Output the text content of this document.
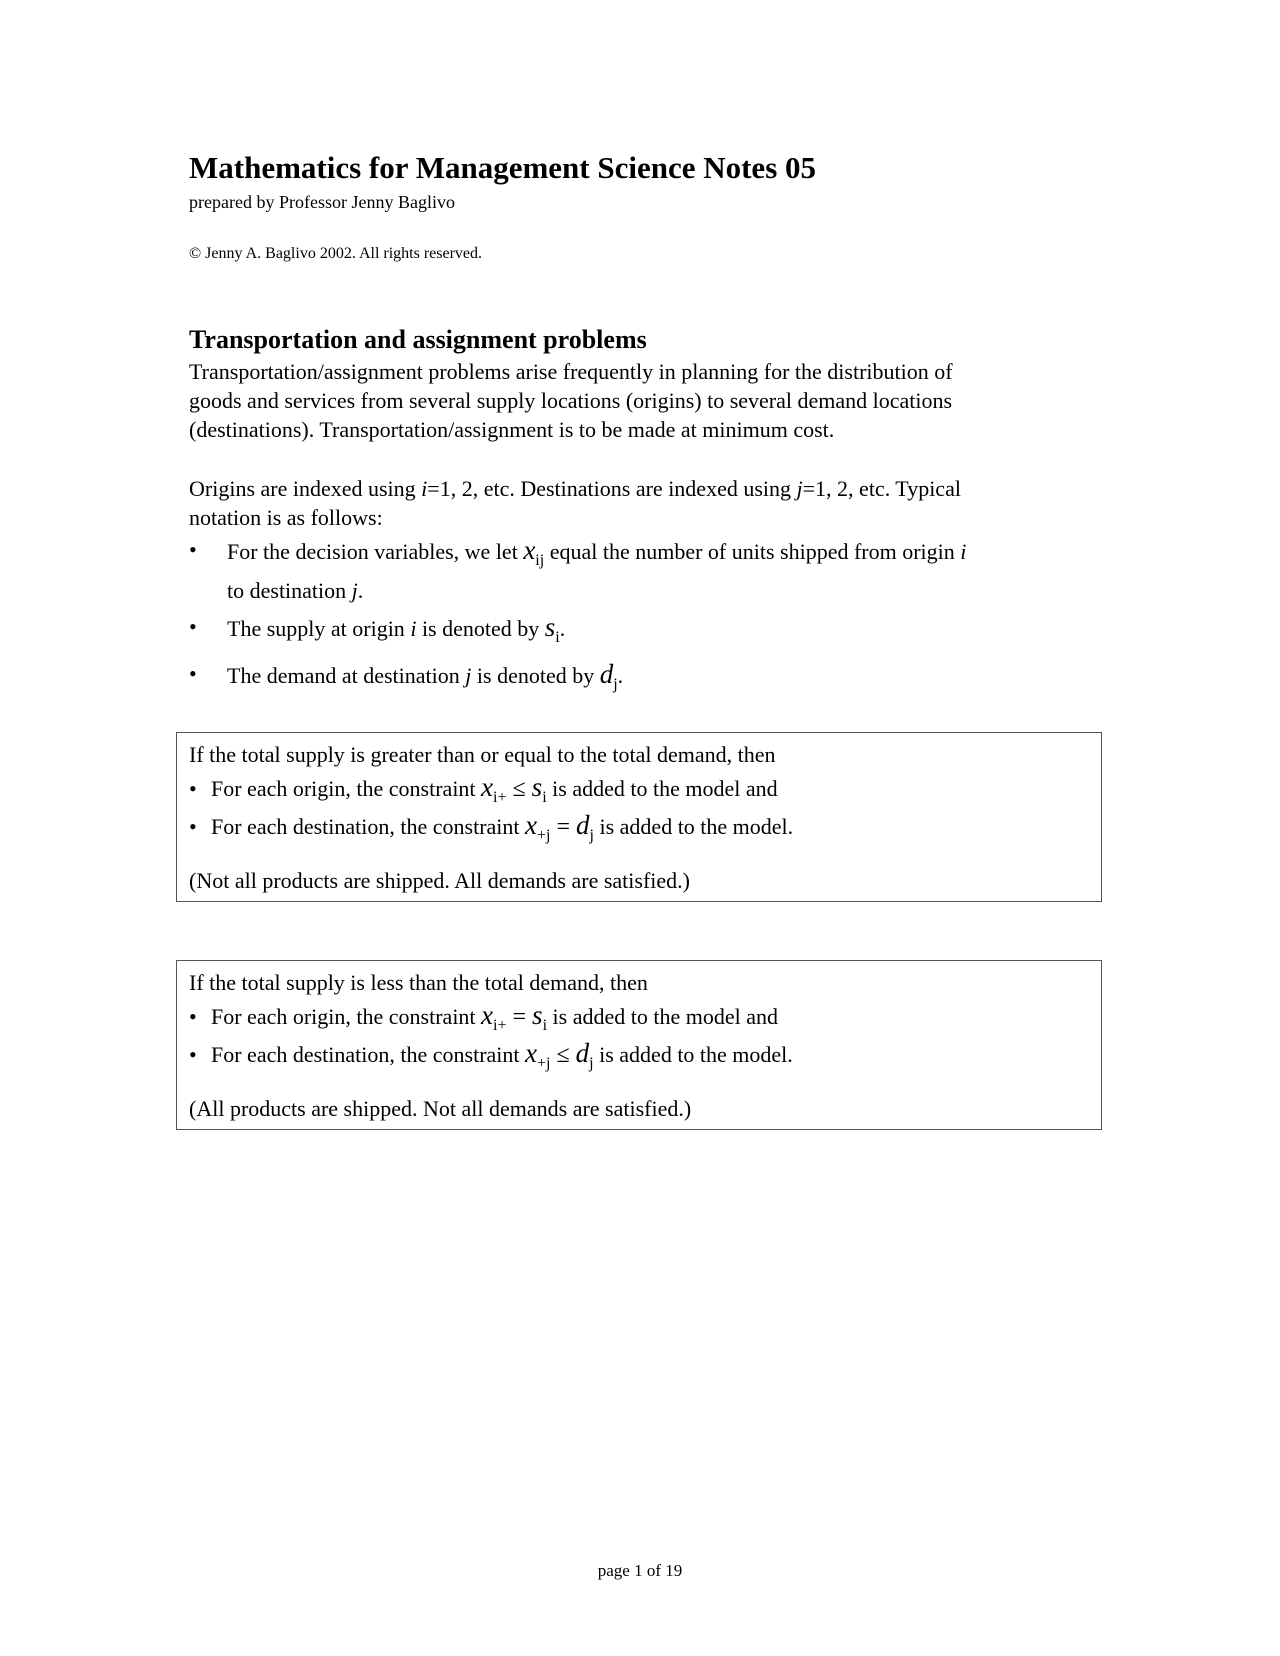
Mathematics for Management Science Notes 05
prepared by Professor Jenny Baglivo
© Jenny A. Baglivo 2002. All rights reserved.
Transportation and assignment problems
Transportation/assignment problems arise frequently in planning for the distribution of
goods and services from several supply locations (origins) to several demand locations
(destinations). Transportation/assignment is to be made at minimum cost.
Origins are indexed using i=1, 2, etc. Destinations are indexed using j=1, 2, etc. Typical
notation is as follows:
• For the decision variables, we let $x_{ij}$ equal the number of units shipped from origin i
to destination j.
• The supply at origin i is denoted by $s_i$.
• The demand at destination j is denoted by $d_j$.
If the total supply is greater than or equal to the total demand, then
• For each origin, the constraint $x_{i+} \le s_i$ is added to the model and
• For each destination, the constraint $x_{+j} = d_j$ is added to the model.
(Not all products are shipped. All demands are satisfied.)
If the total supply is less than the total demand, then
• For each origin, the constraint $x_{i+} = s_i$ is added to the model and
• For each destination, the constraint $x_{+j} \le d_j$ is added to the model.
(All products are shipped. Not all demands are satisfied.)
page 1 of 19
